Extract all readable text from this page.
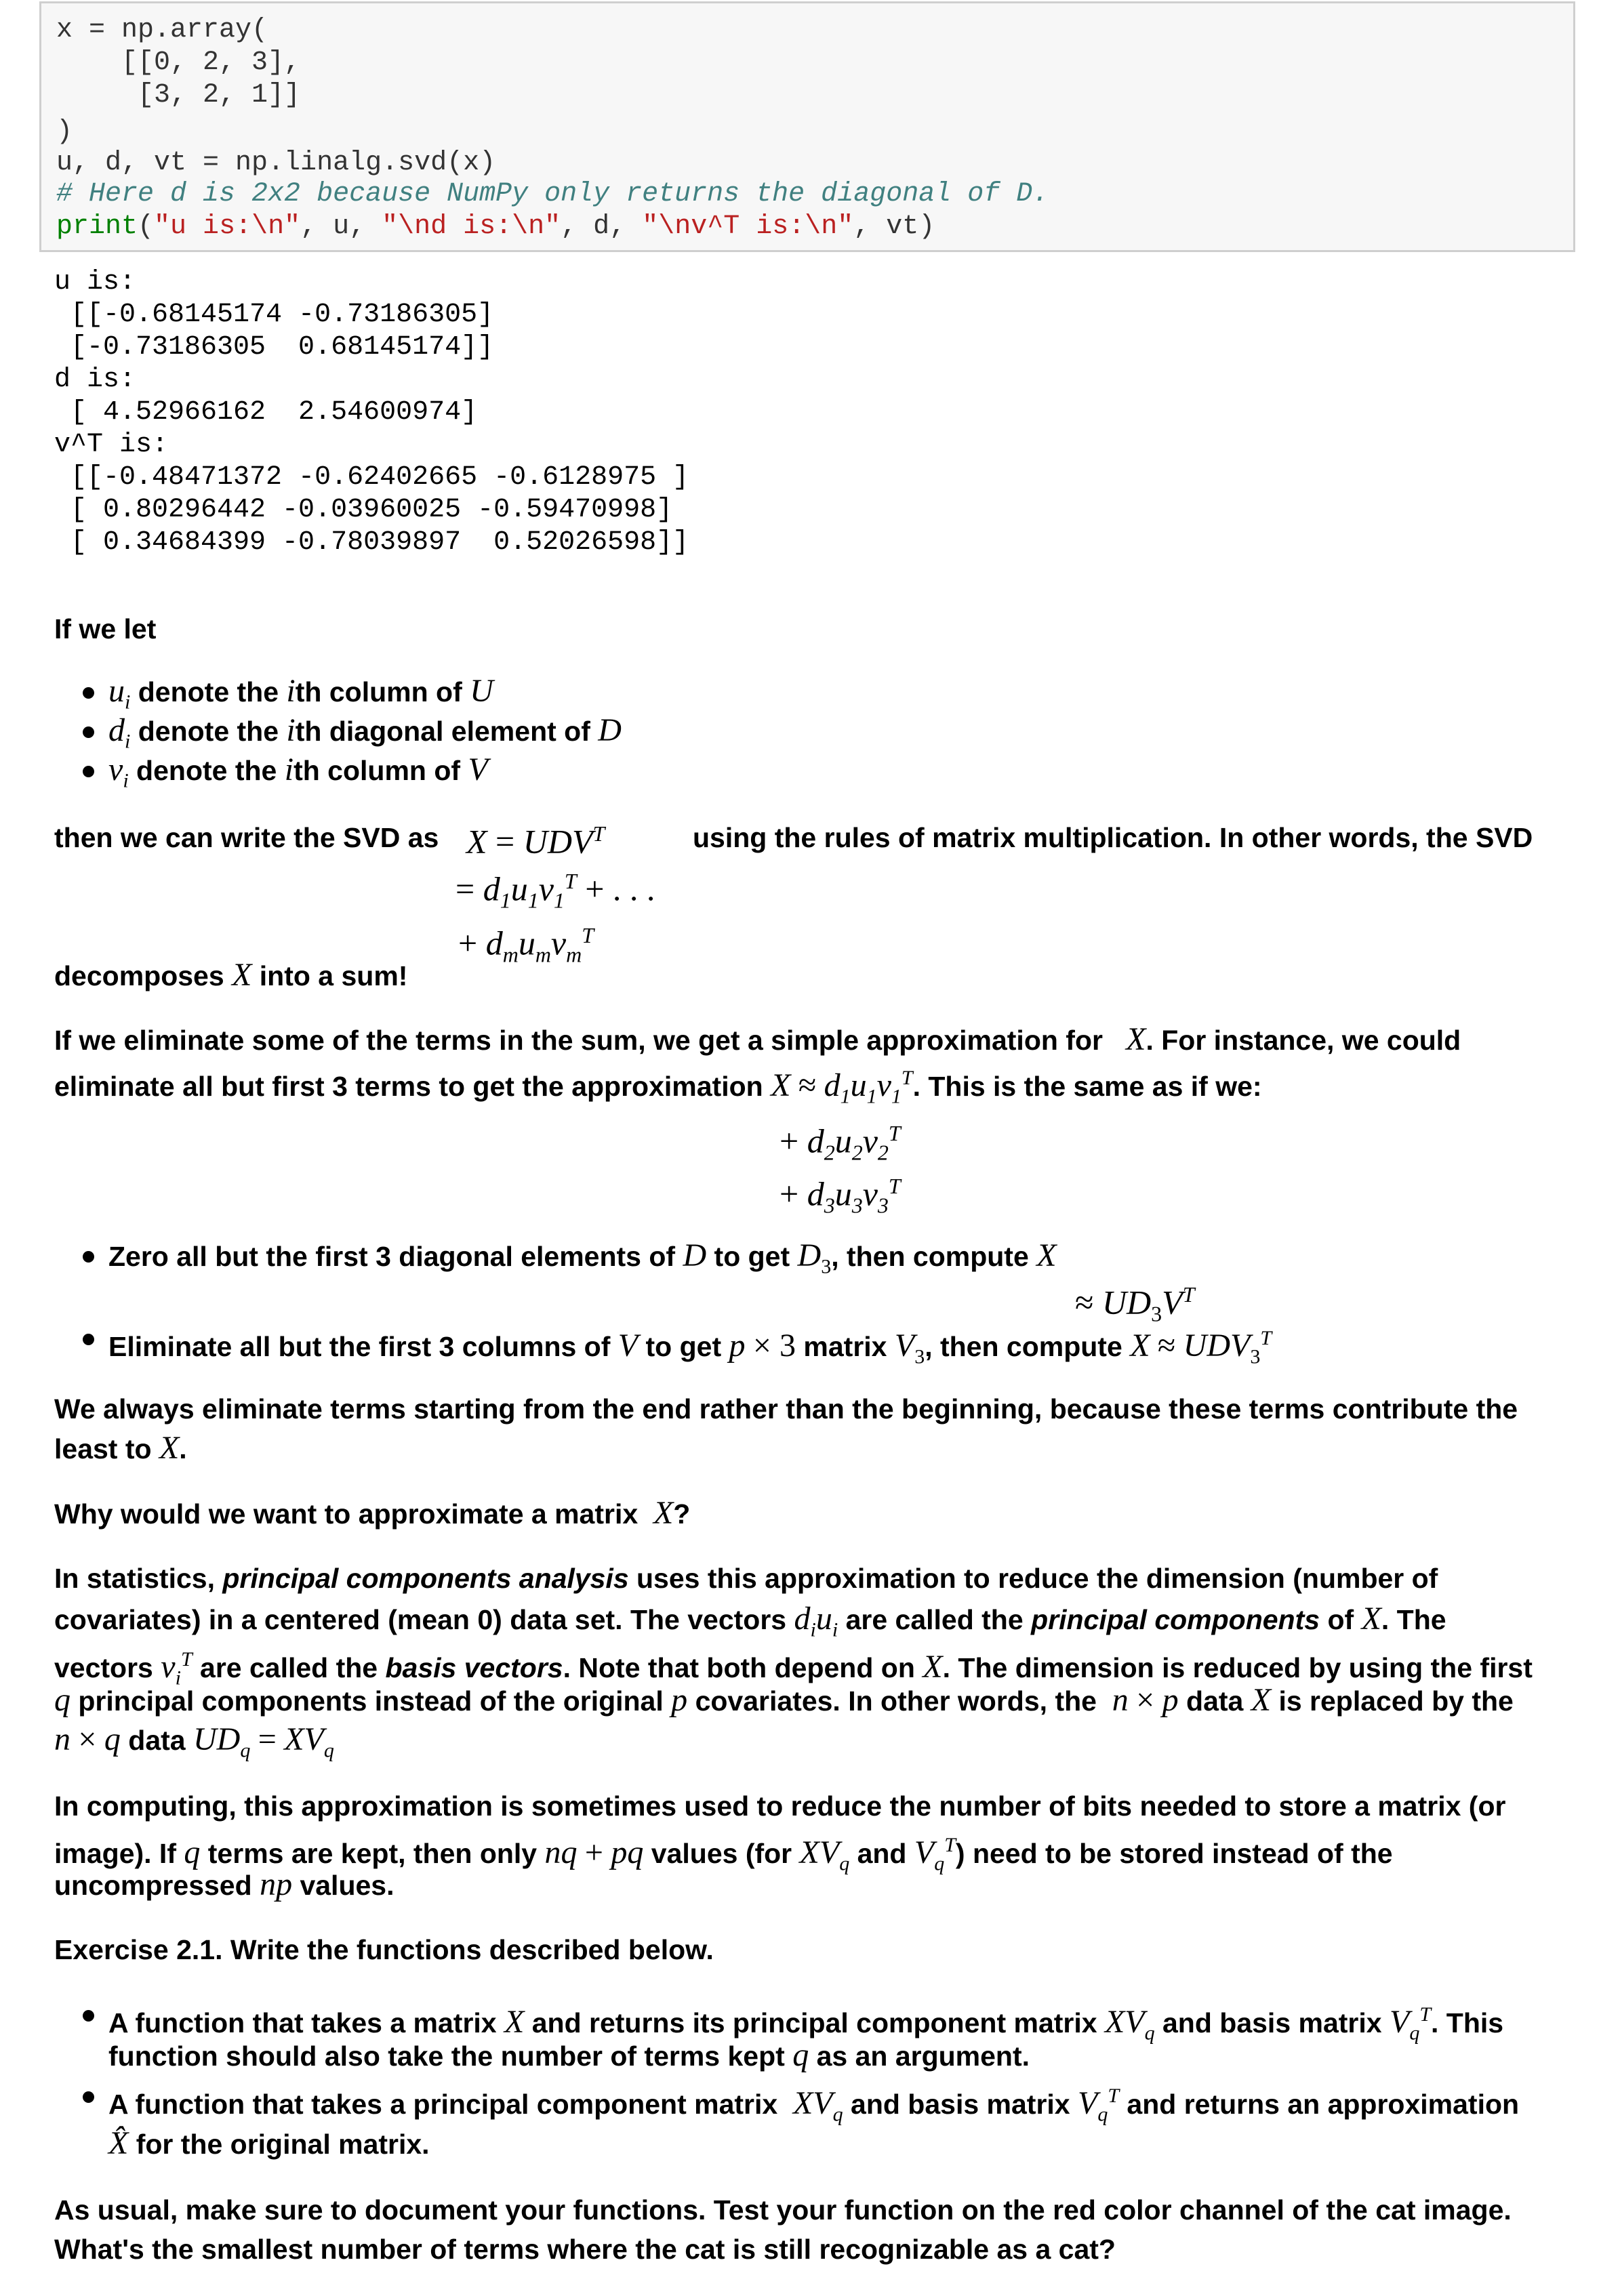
x = np.array(
[[0, 2, 3],
[3, 2, 1]]
)
u, d, vt = np.linalg.svd(x)
# Here d is 2x2 because NumPy only returns the diagonal of D.
print("u is:\n", u, "\nd is:\n", d, "\nv^T is:\n", vt)
u is:
[[-0.68145174 -0.73186305]
[-0.73186305  0.68145174]]
d is:
[ 4.52966162  2.54600974]
v^T is:
[[-0.48471372 -0.62402665 -0.6128975 ]
[ 0.80296442 -0.03960025 -0.59470998]
[ 0.34684399 -0.78039897  0.52026598]]
If we let
$u_i$ denote the ith column of U
$d_i$ denote the ith diagonal element of D
$v_i$ denote the ith column of V
then we can write the SVD as $X = UDV^T$	using the rules of matrix multiplication. In other words, the SVD
= $d_1u_1v_1^T$ + . . .
+ $d_mu_mv_m^T$
decomposes X into a sum!
If we eliminate some of the terms in the sum, we get a simple approximation for X. For instance, we could
eliminate all but first 3 terms to get the approximation $X \approx d_1u_1v_1^T$. This is the same as if we:
+ $d_2u_2v_2^T$
+ $d_3u_3v_3^T$
Zero all but the first 3 diagonal elements of D to get $D_3$, then compute X
≈ $UD_3V^T$
Eliminate all but the first 3 columns of V to get p × 3 matrix $V_3$, then compute $X \approx UDV_3^T$
We always eliminate terms starting from the end rather than the beginning, because these terms contribute the
least to X.
Why would we want to approximate a matrix X?
In statistics, principal components analysis uses this approximation to reduce the dimension (number of
covariates) in a centered (mean 0) data set. The vectors $d_iu_i$ are called the principal components of X. The
vectors $v_i^T$ are called the basis vectors. Note that both depend on X. The dimension is reduced by using the first
q principal components instead of the original p covariates. In other words, the n × p data X is replaced by the
n × q data $UD_q = XV_q$
In computing, this approximation is sometimes used to reduce the number of bits needed to store a matrix (or
image). If q terms are kept, then only nq + pq values (for $XV_q$ and $V_q^T$) need to be stored instead of the
uncompressed np values.
Exercise 2.1. Write the functions described below.
A function that takes a matrix X and returns its principal component matrix $XV_q$ and basis matrix $V_q^T$. This
function should also take the number of terms kept q as an argument.
A function that takes a principal component matrix $XV_q$ and basis matrix $V_q^T$ and returns an approximation
X̂ for the original matrix.
As usual, make sure to document your functions. Test your function on the red color channel of the cat image.
What's the smallest number of terms where the cat is still recognizable as a cat?
